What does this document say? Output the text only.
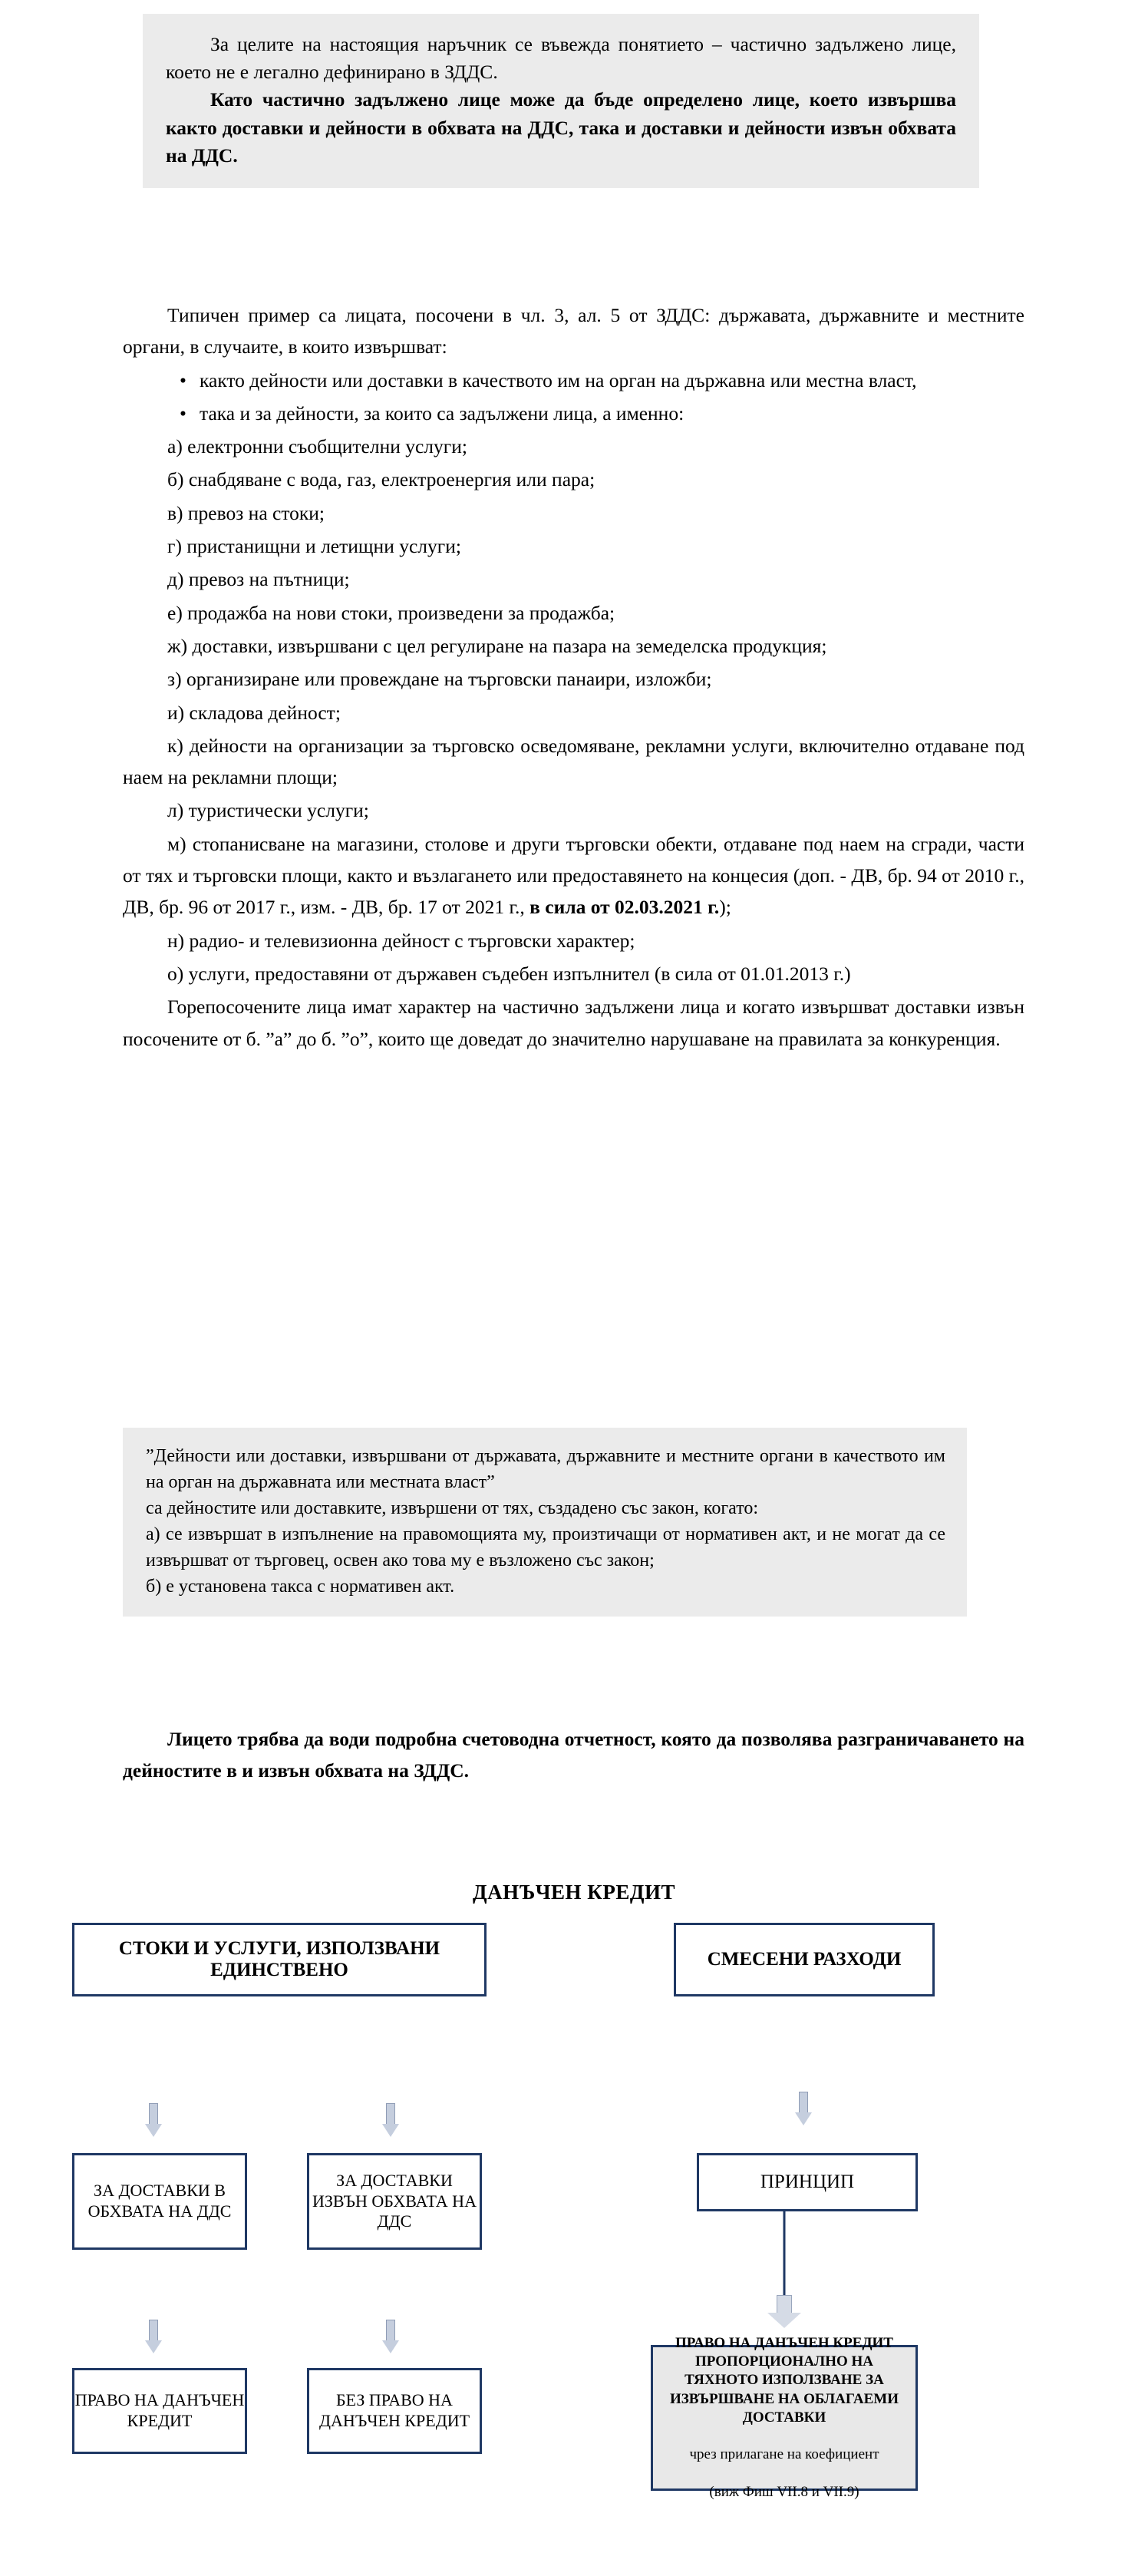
За целите на настоящия наръчник се въвежда понятието – частично задължено лице, което не е легално дефинирано в ЗДДС.

Като частично задължено лице може да бъде определено лице, което извършва както доставки и дейности в обхвата на ДДС, така и доставки и дейности извън обхвата на ДДС.

Типичен пример са лицата, посочени в чл. 3, ал. 5 от ЗДДС: държавата, държавните и местните органи, в случаите, в които извършват:

• както дейности или доставки в качеството им на орган на държавна или местна власт,
• така и за дейности, за които са задължени лица, а именно:

а) електронни съобщителни услуги;

б) снабдяване с вода, газ, електроенергия или пара;

в) превоз на стоки;

г) пристанищни и летищни услуги;

д) превоз на пътници;

е) продажба на нови стоки, произведени за продажба;

ж) доставки, извършвани с цел регулиране на пазара на земеделска продукция;

з) организиране или провеждане на търговски панаири, изложби;

и) складова дейност;

к) дейности на организации за търговско осведомяване, рекламни услуги, включително отдаване под наем на рекламни площи;

л) туристически услуги;

м) стопанисване на магазини, столове и други търговски обекти, отдаване под наем на сгради, части от тях и търговски площи, както и възлагането или предоставянето на концесия (доп. - ДВ, бр. 94 от 2010 г., ДВ, бр. 96 от 2017 г., изм. - ДВ, бр. 17 от 2021 г., в сила от 02.03.2021 г.);

н) радио- и телевизионна дейност с търговски характер;

о) услуги, предоставяни от държавен съдебен изпълнител (в сила от 01.01.2013 г.)

Горепосочените лица имат характер на частично задължени лица и когато извършват доставки извън посочените от б. ”а” до б. ”о”, които ще доведат до значително нарушаване на правилата за конкуренция.

”Дейности или доставки, извършвани от държавата, държавните и местните органи в качеството им на орган на държавната или местната власт”

са дейностите или доставките, извършени от тях, създадено със закон, когато:

а) се извършат в изпълнение на правомощията му, произтичащи от нормативен акт, и не могат да се извършват от търговец, освен ако това му е възложено със закон;

б) е установена такса с нормативен акт.

Лицето трябва да води подробна счетоводна отчетност, която да позволява разграничаването на дейностите в и извън обхвата на ЗДДС.

ДАНЪЧЕН КРЕДИТ
СТОКИ И УСЛУГИ, ИЗПОЛЗВАНИ ЕДИНСТВЕНО
СМЕСЕНИ РАЗХОДИ
ЗА ДОСТАВКИ В ОБХВАТА НА ДДС
ЗА ДОСТАВКИ ИЗВЪН ОБХВАТА НА ДДС
ПРИНЦИП
ПРАВО НА ДАНЪЧЕН КРЕДИТ
БЕЗ ПРАВО НА ДАНЪЧЕН КРЕДИТ
ПРАВО НА ДАНЪЧЕН КРЕДИТ ПРОПОРЦИОНАЛНО НА ТЯХНОТО ИЗПОЛЗВАНЕ ЗА ИЗВЪРШВАНЕ НА ОБЛАГАЕМИ ДОСТАВКИ

чрез прилагане на коефициент

(виж Фиш VII.8 и VII.9)
